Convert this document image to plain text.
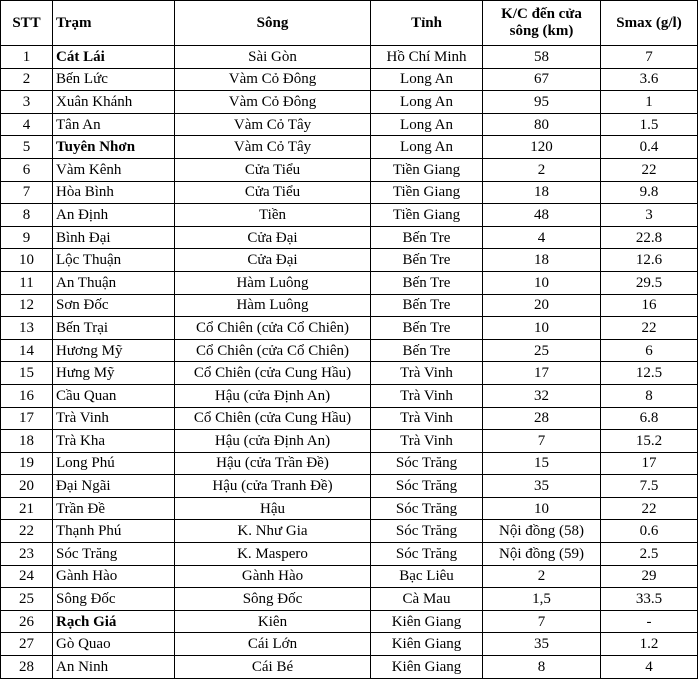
STT	Trạm	Sông	Tỉnh	K/C đến cửa sông (km)	Smax (g/l)
1	Cát Lái	Sài Gòn	Hồ Chí Minh	58	7
2	Bến Lức	Vàm Cỏ Đông	Long An	67	3.6
3	Xuân Khánh	Vàm Cỏ Đông	Long An	95	1
4	Tân An	Vàm Cỏ Tây	Long An	80	1.5
5	Tuyên Nhơn	Vàm Cỏ Tây	Long An	120	0.4
6	Vàm Kênh	Cửa Tiểu	Tiền Giang	2	22
7	Hòa Bình	Cửa Tiểu	Tiền Giang	18	9.8
8	An Định	Tiền	Tiền Giang	48	3
9	Bình Đại	Cửa Đại	Bến Tre	4	22.8
10	Lộc Thuận	Cửa Đại	Bến Tre	18	12.6
11	An Thuận	Hàm Luông	Bến Tre	10	29.5
12	Sơn Đốc	Hàm Luông	Bến Tre	20	16
13	Bến Trại	Cổ Chiên (cửa Cổ Chiên)	Bến Tre	10	22
14	Hương Mỹ	Cổ Chiên (cửa Cổ Chiên)	Bến Tre	25	6
15	Hưng Mỹ	Cổ Chiên (cửa Cung Hầu)	Trà Vinh	17	12.5
16	Cầu Quan	Hậu (cửa Định An)	Trà Vinh	32	8
17	Trà Vinh	Cổ Chiên (cửa Cung Hầu)	Trà Vinh	28	6.8
18	Trà Kha	Hậu (cửa Định An)	Trà Vinh	7	15.2
19	Long Phú	Hậu (cửa Trần Đề)	Sóc Trăng	15	17
20	Đại Ngãi	Hậu (cửa Tranh Đề)	Sóc Trăng	35	7.5
21	Trần Đề	Hậu	Sóc Trăng	10	22
22	Thạnh Phú	K. Như Gia	Sóc Trăng	Nội đồng (58)	0.6
23	Sóc Trăng	K. Maspero	Sóc Trăng	Nội đồng (59)	2.5
24	Gành Hào	Gành Hào	Bạc Liêu	2	29
25	Sông Đốc	Sông Đốc	Cà Mau	1,5	33.5
26	Rạch Giá	Kiên	Kiên Giang	7	-
27	Gò Quao	Cái Lớn	Kiên Giang	35	1.2
28	An Ninh	Cái Bé	Kiên Giang	8	4
